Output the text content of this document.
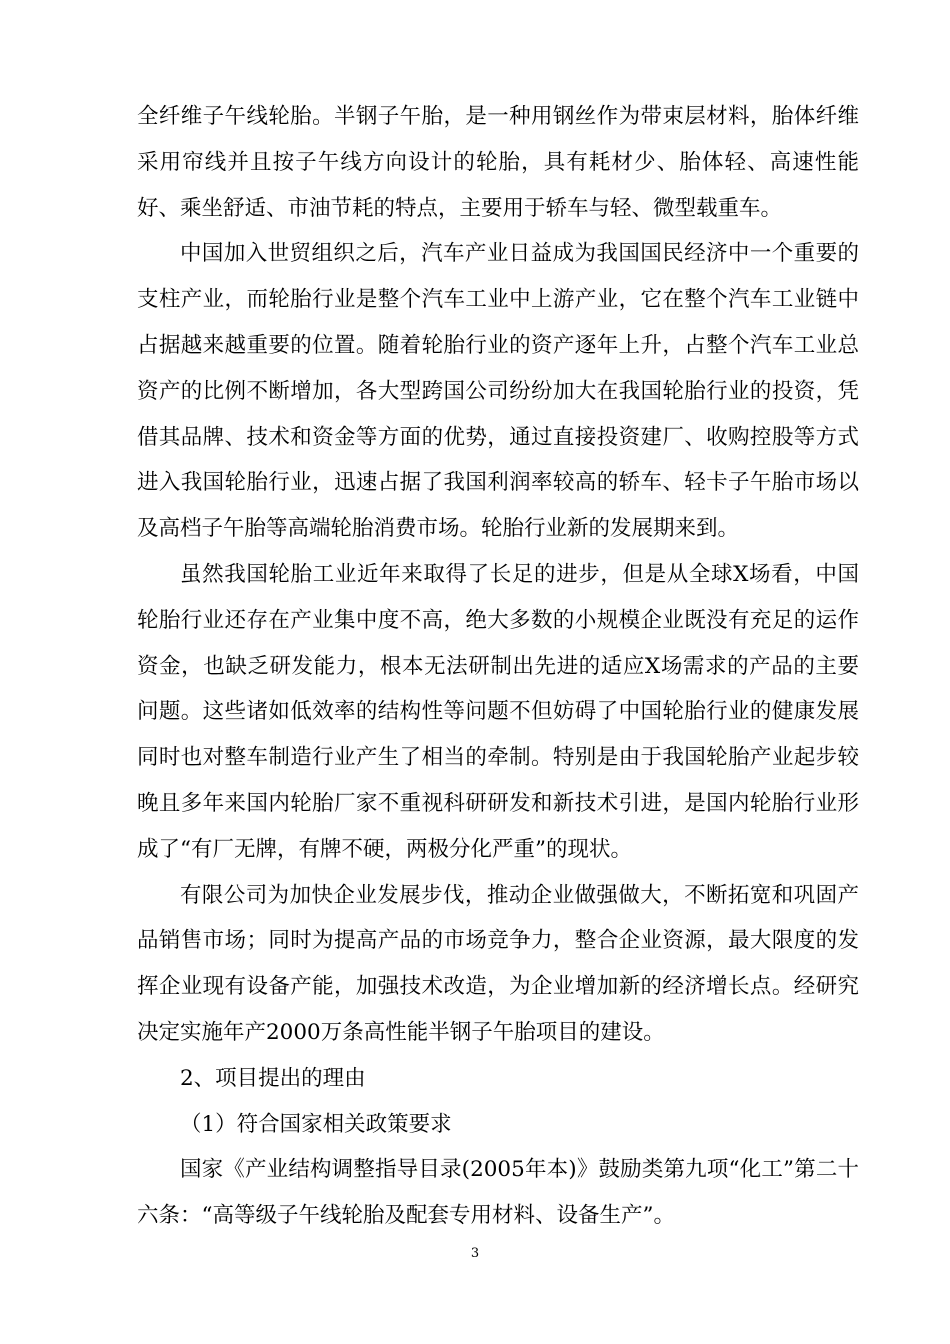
全纤维子午线轮胎。半钢子午胎，是一种用钢丝作为带束层材料，胎体纤维采用帘线并且按子午线方向设计的轮胎，具有耗材少、胎体轻、高速性能好、乘坐舒适、市油节耗的特点，主要用于轿车与轻、微型载重车。

中国加入世贸组织之后，汽车产业日益成为我国国民经济中一个重要的支柱产业，而轮胎行业是整个汽车工业中上游产业，它在整个汽车工业链中占据越来越重要的位置。随着轮胎行业的资产逐年上升，占整个汽车工业总资产的比例不断增加，各大型跨国公司纷纷加大在我国轮胎行业的投资，凭借其品牌、技术和资金等方面的优势，通过直接投资建厂、收购控股等方式进入我国轮胎行业，迅速占据了我国利润率较高的轿车、轻卡子午胎市场以及高档子午胎等高端轮胎消费市场。轮胎行业新的发展期来到。

虽然我国轮胎工业近年来取得了长足的进步，但是从全球X场看，中国轮胎行业还存在产业集中度不高，绝大多数的小规模企业既没有充足的运作资金，也缺乏研发能力，根本无法研制出先进的适应X场需求的产品的主要问题。这些诸如低效率的结构性等问题不但妨碍了中国轮胎行业的健康发展同时也对整车制造行业产生了相当的牵制。特别是由于我国轮胎产业起步较晚且多年来国内轮胎厂家不重视科研研发和新技术引进，是国内轮胎行业形成了“有厂无牌，有牌不硬，两极分化严重”的现状。

有限公司为加快企业发展步伐，推动企业做强做大，不断拓宽和巩固产品销售市场；同时为提高产品的市场竞争力，整合企业资源，最大限度的发挥企业现有设备产能，加强技术改造，为企业增加新的经济增长点。经研究决定实施年产2000万条高性能半钢子午胎项目的建设。

2、项目提出的理由

（1）符合国家相关政策要求

国家《产业结构调整指导目录(2005年本)》鼓励类第九项“化工”第二十六条：“高等级子午线轮胎及配套专用材料、设备生产”。

3
